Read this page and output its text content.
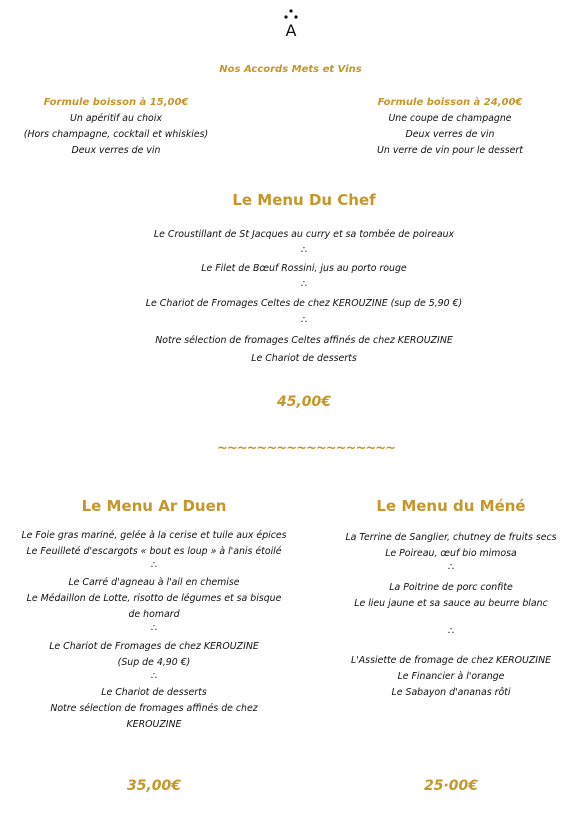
A
Nos Accords Mets et Vins
Formule boisson à 15,00€
Un apéritif au choix
(Hors champagne, cocktail et whiskies)
Deux verres de vin
Formule boisson à 24,00€
Une coupe de champagne
Deux verres de vin
Un verre de vin pour le dessert
Le Menu Du Chef
Le Croustillant de St Jacques au curry et sa tombée de poireaux
∴
Le Filet de Bœuf Rossini, jus au porto rouge
∴
Le Chariot de Fromages Celtes de chez KEROUZINE (sup de 5,90 €)
∴
Notre sélection de fromages Celtes affinés de chez KEROUZINE
Le Chariot de desserts
45,00€
~~~~~~~~~~~~~~~~~~
Le Menu Ar Duen
Le Foie gras mariné, gelée à la cerise et tuile aux épices
Le Feuilleté d'escargots « bout es loup » à l'anis étoilé
∴
Le Carré d'agneau à l'ail en chemise
Le Médaillon de Lotte, risotto de légumes et sa bisque
de homard
∴
Le Chariot de Fromages de chez KEROUZINE
(Sup de 4,90 €)
∴
Le Chariot de desserts
Notre sélection de fromages affinés de chez
KEROUZINE
35,00€
Le Menu du Méné
La Terrine de Sanglier, chutney de fruits secs
Le Poireau, œuf bio mimosa
∴
La Poitrine de porc confite
Le lieu jaune et sa sauce au beurre blanc
∴
L'Assiette de fromage de chez KEROUZINE
Le Financier à l'orange
Le Sabayon d'ananas rôti
25·00€
